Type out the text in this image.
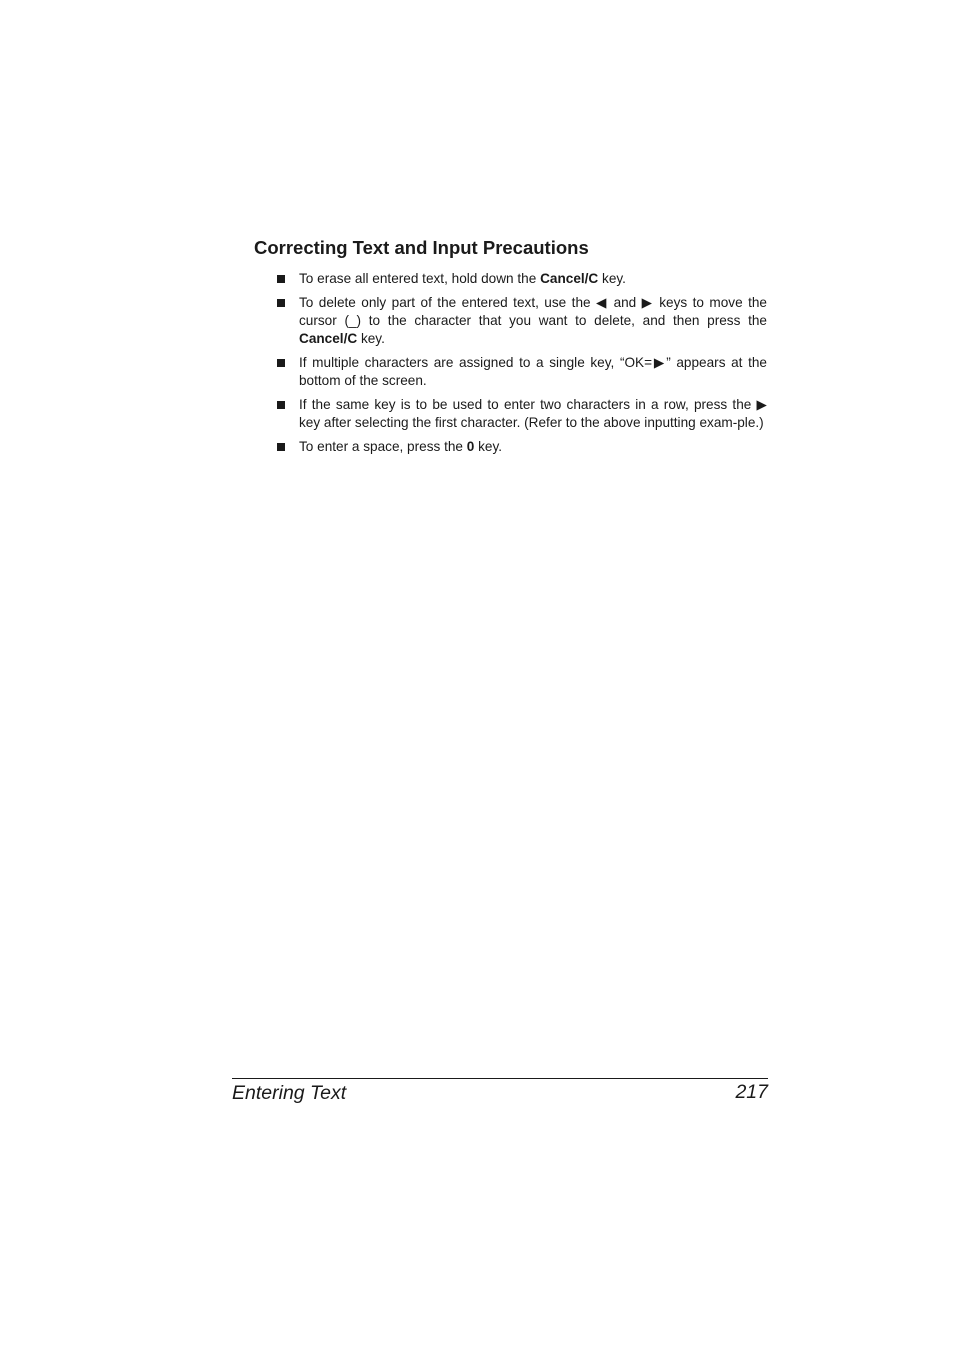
Correcting Text and Input Precautions
To erase all entered text, hold down the Cancel/C key.
To delete only part of the entered text, use the ◀ and ▶ keys to move the cursor (_) to the character that you want to delete, and then press the Cancel/C key.
If multiple characters are assigned to a single key, “OK=▶” appears at the bottom of the screen.
If the same key is to be used to enter two characters in a row, press the ▶ key after selecting the first character. (Refer to the above inputting exam-ple.)
To enter a space, press the 0 key.
Entering Text	217
